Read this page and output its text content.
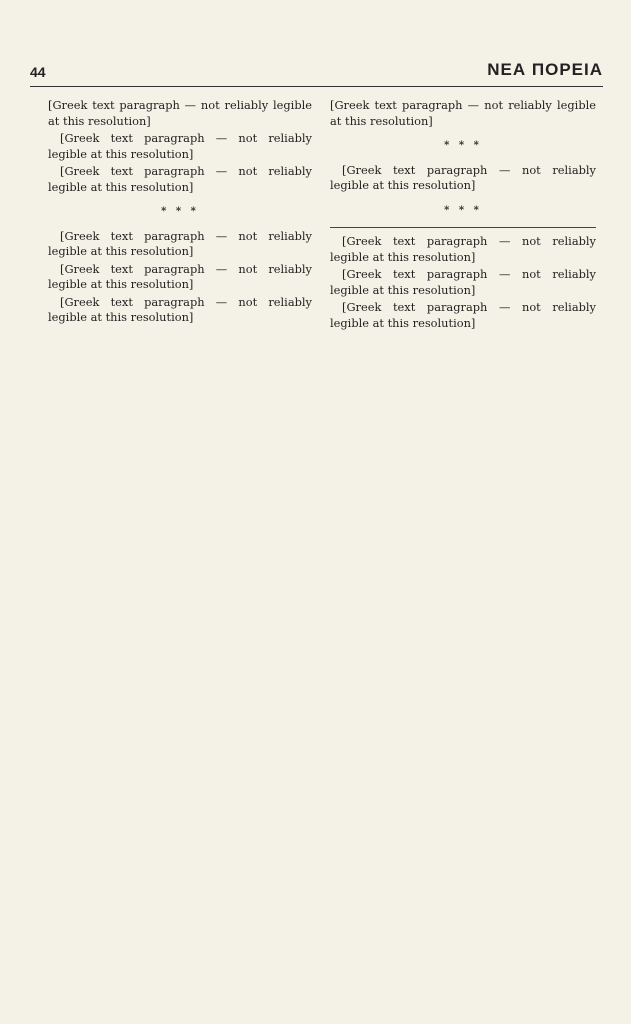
44	ΝΕΑ ΠΟΡΕΙΑ

[Greek text paragraph — not reliably legible at this resolution]

[Greek text paragraph — not reliably legible at this resolution]

[Greek text paragraph — not reliably legible at this resolution]

* * *

[Greek text paragraph — not reliably legible at this resolution]

[Greek text paragraph — not reliably legible at this resolution]

[Greek text paragraph — not reliably legible at this resolution]

[Greek text paragraph — not reliably legible at this resolution]

* * *

[Greek text paragraph — not reliably legible at this resolution]

* * *

[Greek text paragraph — not reliably legible at this resolution]

[Greek text paragraph — not reliably legible at this resolution]

[Greek text paragraph — not reliably legible at this resolution]
